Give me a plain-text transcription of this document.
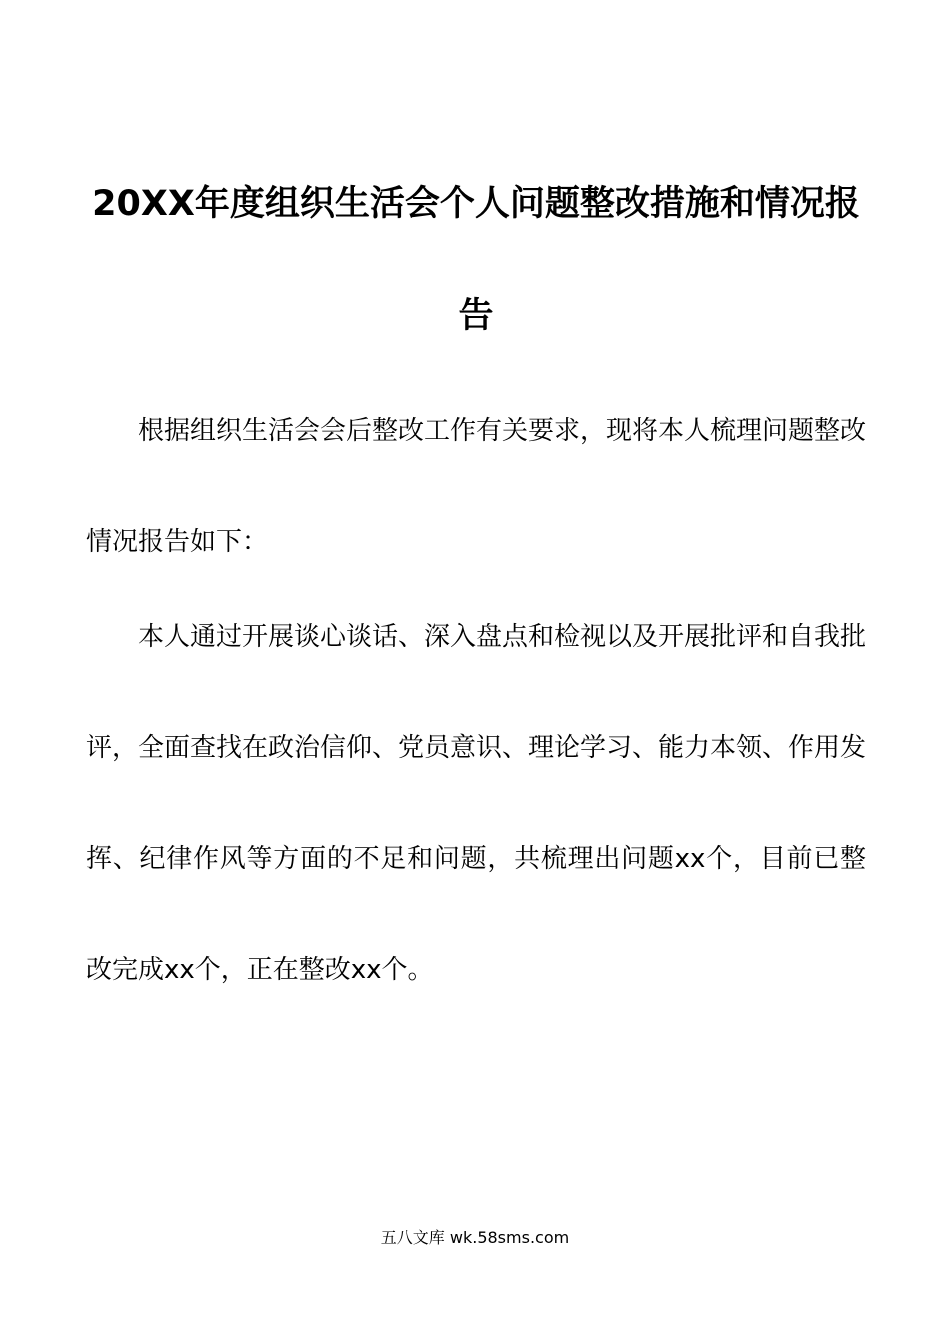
20XX年度组织生活会个人问题整改措施和情况报告

根据组织生活会会后整改工作有关要求，现将本人梳理问题整改情况报告如下：

本人通过开展谈心谈话、深入盘点和检视以及开展批评和自我批评，全面查找在政治信仰、党员意识、理论学习、能力本领、作用发挥、纪律作风等方面的不足和问题，共梳理出问题xx个，目前已整改完成xx个，正在整改xx个。

五八文库 wk.58sms.com
